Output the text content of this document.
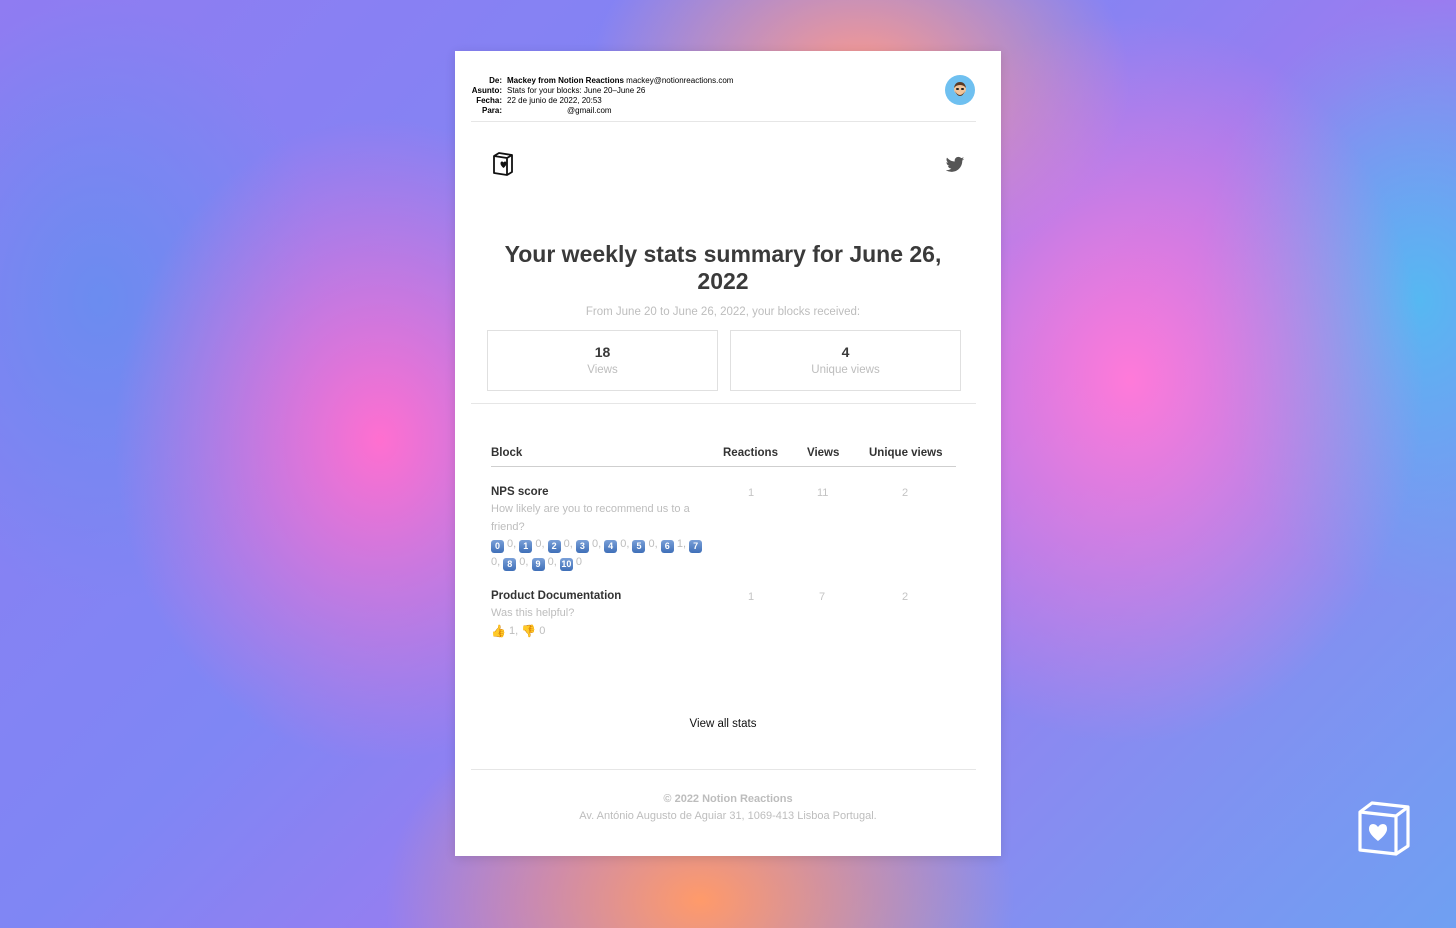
De: Mackey from Notion Reactions mackey@notionreactions.com
Asunto: Stats for your blocks: June 20–June 26
Fecha: 22 de junio de 2022, 20:53
Para:	@gmail.com
Your weekly stats summary for June 26, 2022
From June 20 to June 26, 2022, your blocks received:
18
Views
4
Unique views
Block	Reactions	Views	Unique views
NPS score
How likely are you to recommend us to a friend?
0 0, 1 0, 2 0, 3 0, 4 0, 5 0, 6 1, 7 0, 8 0, 9 0, 10 0
1	11	2
Product Documentation
Was this helpful?
👍 1, 👎 0
1	7	2
View all stats
© 2022 Notion Reactions
Av. António Augusto de Aguiar 31, 1069-413 Lisboa Portugal.
